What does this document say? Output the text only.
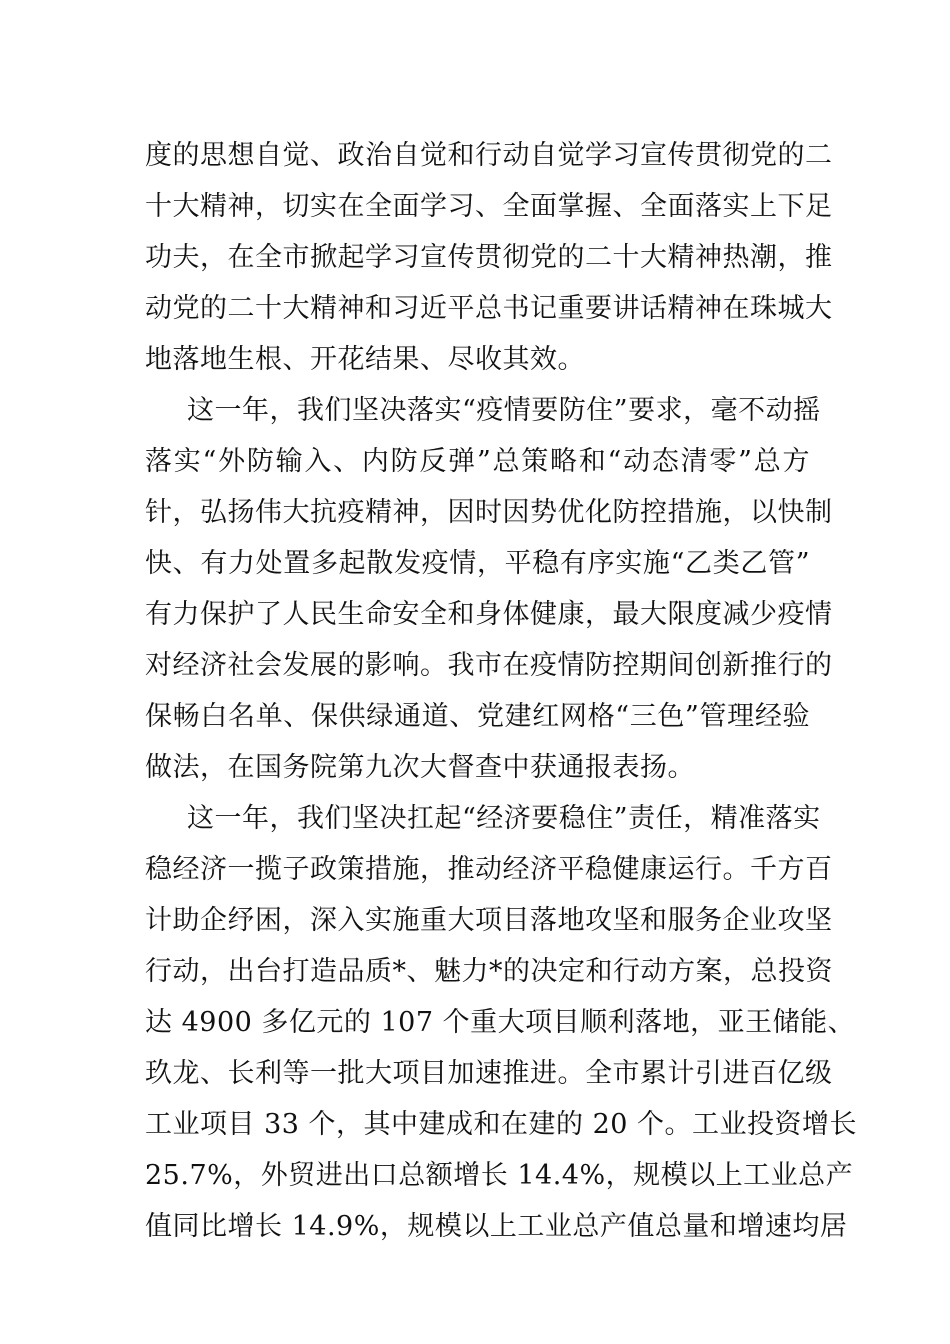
度的思想自觉、政治自觉和行动自觉学习宣传贯彻党的二
十大精神，切实在全面学习、全面掌握、全面落实上下足
功夫，在全市掀起学习宣传贯彻党的二十大精神热潮，推
动党的二十大精神和习近平总书记重要讲话精神在珠城大
地落地生根、开花结果、尽收其效。
这一年，我们坚决落实“疫情要防住”要求，毫不动摇
落实“外防输入、内防反弹”总策略和“动态清零”总方
针，弘扬伟大抗疫精神，因时因势优化防控措施，以快制
快、有力处置多起散发疫情，平稳有序实施“乙类乙管”
有力保护了人民生命安全和身体健康，最大限度减少疫情
对经济社会发展的影响。我市在疫情防控期间创新推行的
保畅白名单、保供绿通道、党建红网格“三色”管理经验
做法，在国务院第九次大督查中获通报表扬。
这一年，我们坚决扛起“经济要稳住”责任，精准落实
稳经济一揽子政策措施，推动经济平稳健康运行。千方百
计助企纾困，深入实施重大项目落地攻坚和服务企业攻坚
行动，出台打造品质*、魅力*的决定和行动方案，总投资
达 4900 多亿元的 107 个重大项目顺利落地，亚王储能、
玖龙、长利等一批大项目加速推进。全市累计引进百亿级
工业项目 33 个，其中建成和在建的 20 个。工业投资增长
25.7%，外贸进出口总额增长 14.4%，规模以上工业总产
值同比增长 14.9%，规模以上工业总产值总量和增速均居
